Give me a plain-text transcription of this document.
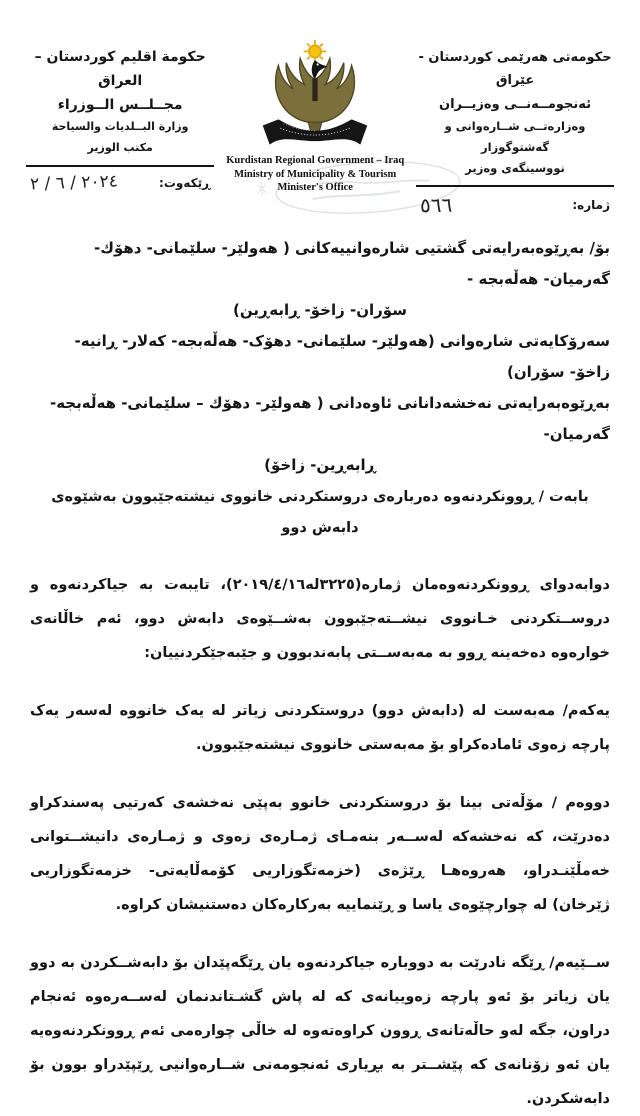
حكومة اقليم كوردستان – العراق
مجــلــس الــوزراء
وزارة البــلديات والسياحة
مكتب الوزير
ڕێکەوت:
٢٠٢٤ / ٦ / ٢
Kurdistan Regional Government – Iraq
Ministry of Municipality & Tourism
Minister's Office
حکومەتی هەرێمی کوردستان - عێراق
ئەنجومــەنــی وەزیــران
وەزارەتــی شــارەوانی و گەشتوگوزار
نووسینگەی وەزیر
ژمارە:
٥٦٦
بۆ/ بەڕێوەبەرایەتی گشتیی شارەوانییەکانی ( هەولێر- سلێمانی- دهۆك- گەرمیان- هەڵەبجە -
سۆران- زاخۆ- ڕابەڕین)
سەرۆکایەتی شارەوانی (هەولێر- سلێمانی- دهۆک- هەڵەبجە- کەلار- ڕانیە- زاخۆ- سۆران)
بەڕێوەبەرایەتی نەخشەدانانی ئاوەدانی ( هەولێر- دهۆك – سلێمانی- هەڵەبجە- گەرمیان-
ڕابەڕین- زاخۆ)
بابەت / ڕوونکردنەوە دەربارەی دروستکردنی خانووی نیشتەجێبوون بەشێوەی دابەش دوو

دوابەدوای ڕوونکردنەوەمان ژمارە(٣٢٢٥لە٢٠١٩/٤/١٦)، تایبەت بە جیاکردنەوە و دروســتکردنی خـانووی نیشــتەجێبوون بەشــێوەی دابەش دوو، ئەم خاڵانەی خوارەوە دەخەینە ڕوو بە مەبەســتی پابەندبوون و جێبەجێکردنییان:

یەکەم/ مەبەست لە (دابەش دوو) دروستکردنی زیاتر لە یەک خانووە لەسەر یەک پارچە زەوی ئامادەکراو بۆ مەبەستی خانووی نیشتەجێبوون.

دووەم / مۆڵەتی بینا بۆ دروستکردنی خانوو بەپێی نەخشەی کەرتیی پەسندکراو دەدرێت، کە نەخشەکە لەســەر بنەمـای ژمـارەی زەوی و ژمـارەی دانیشــتوانی خەمڵێنـدراو، هەروەهـا ڕێژەی (خزمەتگوزاریی کۆمەڵایەتی- خزمەتگوزاریی ژێرخان) لە چوارچێوەی یاسا و ڕێنماییە بەرکارەکان دەستنیشان کراوە.

ســێیەم/ ڕێگە نادرێت بە دووبارە جیاکردنەوە یان ڕێگەپێدان بۆ دابەشــکردن بە دوو یان زیاتر بۆ ئەو پارچە زەوییانەی کە لە پاش گشـتاندنمان لەســەرەوە ئەنجام دراون، جگە لەو حاڵەتانەی ڕوون کراوەتەوە لە خاڵی چوارەمی ئەم ڕوونکردنەوەیە یان ئەو زۆنانەی کە پێشــتر بە بڕیاری ئەنجومەنی شــارەوانیی ڕێپێدراو بوون بۆ دابەشکردن.
